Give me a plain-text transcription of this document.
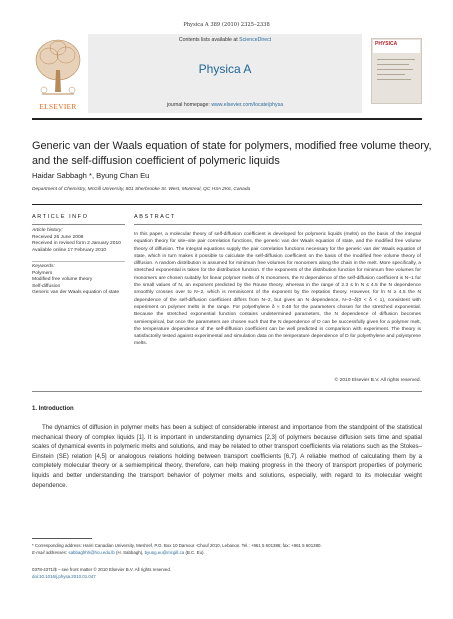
Physica A 389 (2010) 2325–2338
Contents lists available at ScienceDirect
Physica A
journal homepage: www.elsevier.com/locate/physa
ELSEVIER
PHYSICA
Generic van der Waals equation of state for polymers, modified free volume theory, and the self-diffusion coefficient of polymeric liquids
Haidar Sabbagh *, Byung Chan Eu
Department of Chemistry, McGill University, 801 Sherbrooke St. West, Montreal, QC H3A 2K6, Canada
ARTICLE INFO
Article history:
Received 26 June 2008
Received in revised form 2 January 2010
Available online 17 February 2010
Keywords:
Polymers
Modified free volume theory
Self-diffusion
Generic van der Waals equation of state
ABSTRACT
In this paper, a molecular theory of self-diffusion coefficient is developed for polymeric liquids (melts) on the basis of the integral equation theory for site–site pair correlation functions, the generic van der Waals equation of state, and the modified free volume theory of diffusion. The integral equations supply the pair correlation functions necessary for the generic van der Waals equation of state, which in turn makes it possible to calculate the self-diffusion coefficient on the basis of the modified free volume theory of diffusion. A random distribution is assumed for minimum free volumes for monomers along the chain in the melt. More specifically, a stretched exponential is taken for the distribution function. If the exponents of the distribution function for minimum free volumes for monomers are chosen suitably for linear polymer melts of N monomers, the N dependence of the self-diffusion coefficient is N−1 for the small values of N, an exponent predicted by the Rouse theory, whereas in the range of 2.3 ≤ ln N ≤ 4.5 the N dependence smoothly crosses over to N−2, which is reminiscent of the exponent by the reptation theory. However, for ln N ≥ 4.5 the N dependence of the self-diffusion coefficient differs from N−2, but gives an N dependence, N−2−δ(0 < δ < 1), consistent with experiment on polymer melts in the range. For polyethylene δ ≈ 0.48 for the parameters chosen for the stretched exponential. Because the stretched exponential function contains undetermined parameters, the N dependence of diffusion becomes semiempirical, but once the parameters are chosen such that the N dependence of D can be successfully given for a polymer melt, the temperature dependence of the self-diffusion coefficient can be well predicted in comparison with experiment. The theory is satisfactorily tested against experimental and simulation data on the temperature dependence of D for polyethylene and polystyrene melts.
© 2010 Elsevier B.V. All rights reserved.
1. Introduction
The dynamics of diffusion in polymer melts has been a subject of considerable interest and importance from the standpoint of the statistical mechanical theory of complex liquids [1]. It is important in understanding dynamics [2,3] of polymers because diffusion sets time and spatial scales of dynamical events in polymeric melts and solutions, and may be related to other transport coefficients via relations such as the Stokes–Einstein (SE) relation [4,5] or analogous relations holding between transport coefficients [6,7]. A reliable method of calculating them by a completely molecular theory or a semiempirical theory, therefore, can help making progress in the theory of transport properties of polymeric liquids and better understanding the transport behavior of polymer melts and solutions, especially, with regard to its molecular weight dependence.
* Corresponding address: Hariri Canadian University, Meshref, P.O. Box 10 Damour -Chouf 2010, Lebanon. Tel.: +961 5 601386; fax: +961 5 601380.
E-mail addresses: sabbaghhh@hcu.edu.lb (H. Sabbagh), byung.eu@mcgill.ca (B.C. Eu).
0378-4371/$ – see front matter © 2010 Elsevier B.V. All rights reserved.
doi:10.1016/j.physa.2010.01.047
